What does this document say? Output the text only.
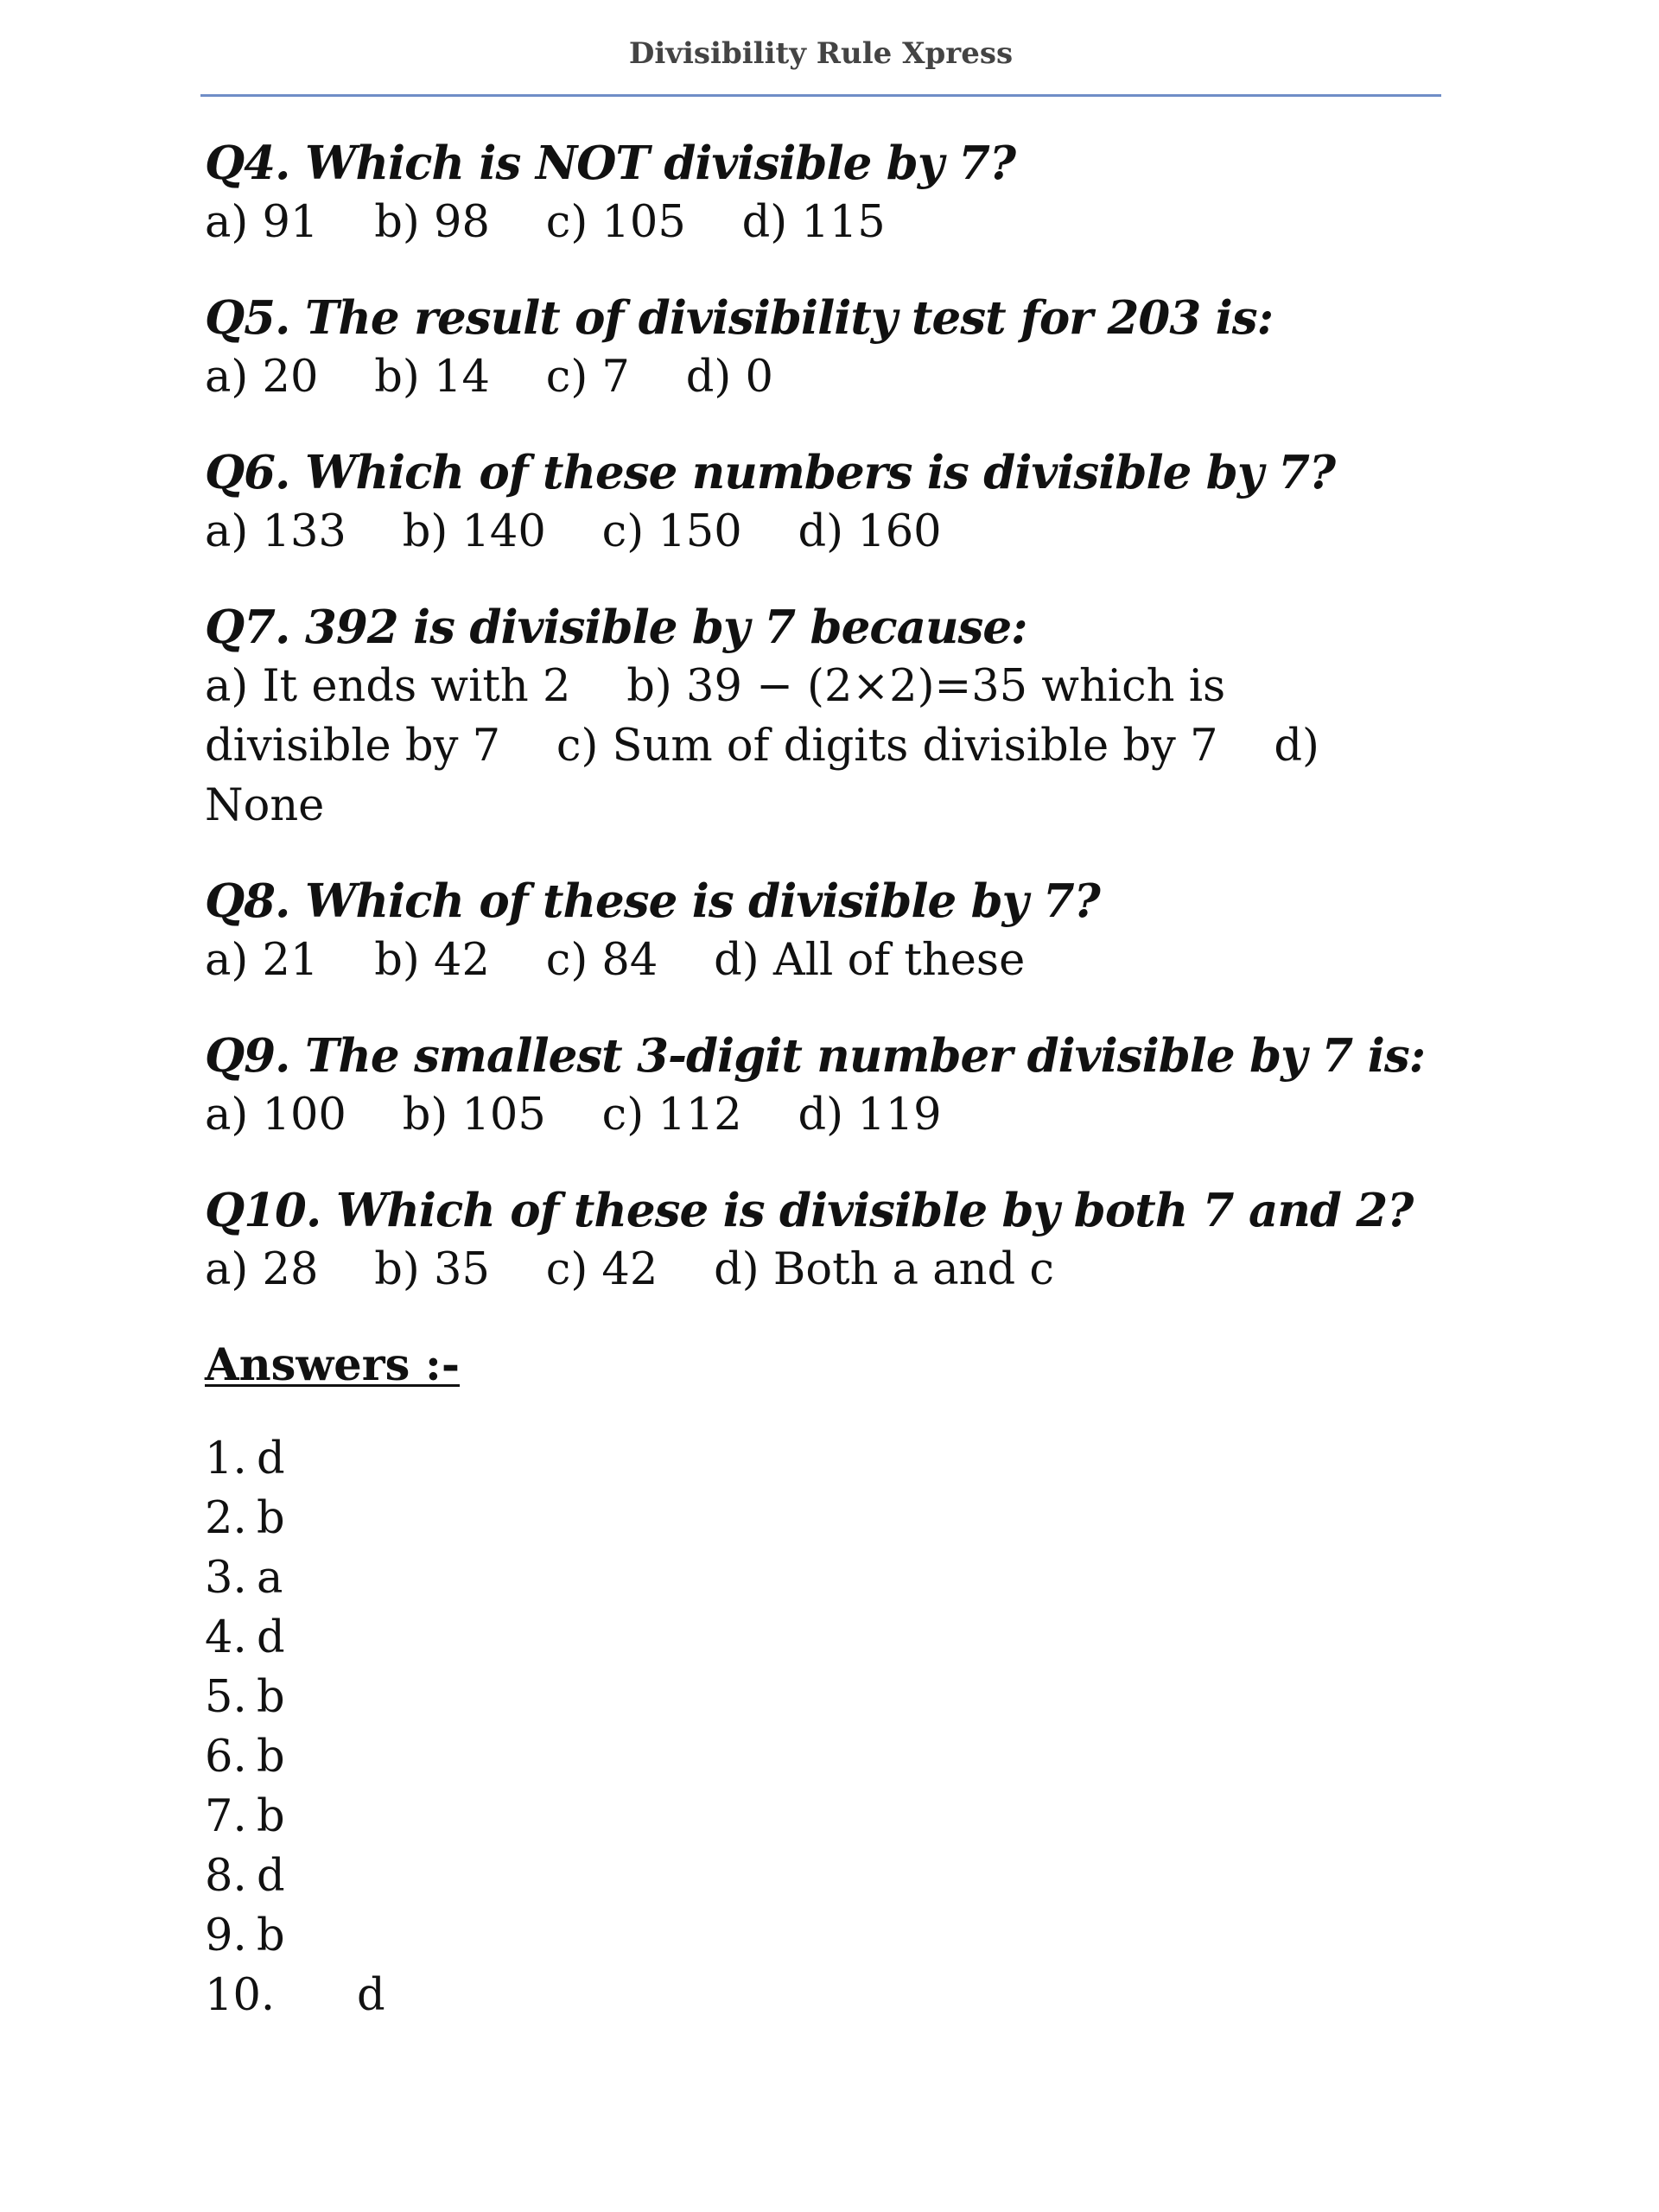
Divisibility Rule Xpress
Q4. Which is NOT divisible by 7?
a) 91    b) 98    c) 105    d) 115
Q5. The result of divisibility test for 203 is:
a) 20    b) 14    c) 7    d) 0
Q6. Which of these numbers is divisible by 7?
a) 133    b) 140    c) 150    d) 160
Q7. 392 is divisible by 7 because:
a) It ends with 2    b) 39 − (2×2)=35 which is divisible by 7    c) Sum of digits divisible by 7    d) None
Q8. Which of these is divisible by 7?
a) 21    b) 42    c) 84    d) All of these
Q9. The smallest 3-digit number divisible by 7 is:
a) 100    b) 105    c) 112    d) 119
Q10. Which of these is divisible by both 7 and 2?
a) 28    b) 35    c) 42    d) Both a and c
Answers :-
1. d
2. b
3. a
4. d
5. b
6. b
7. b
8. d
9. b
10.	d
